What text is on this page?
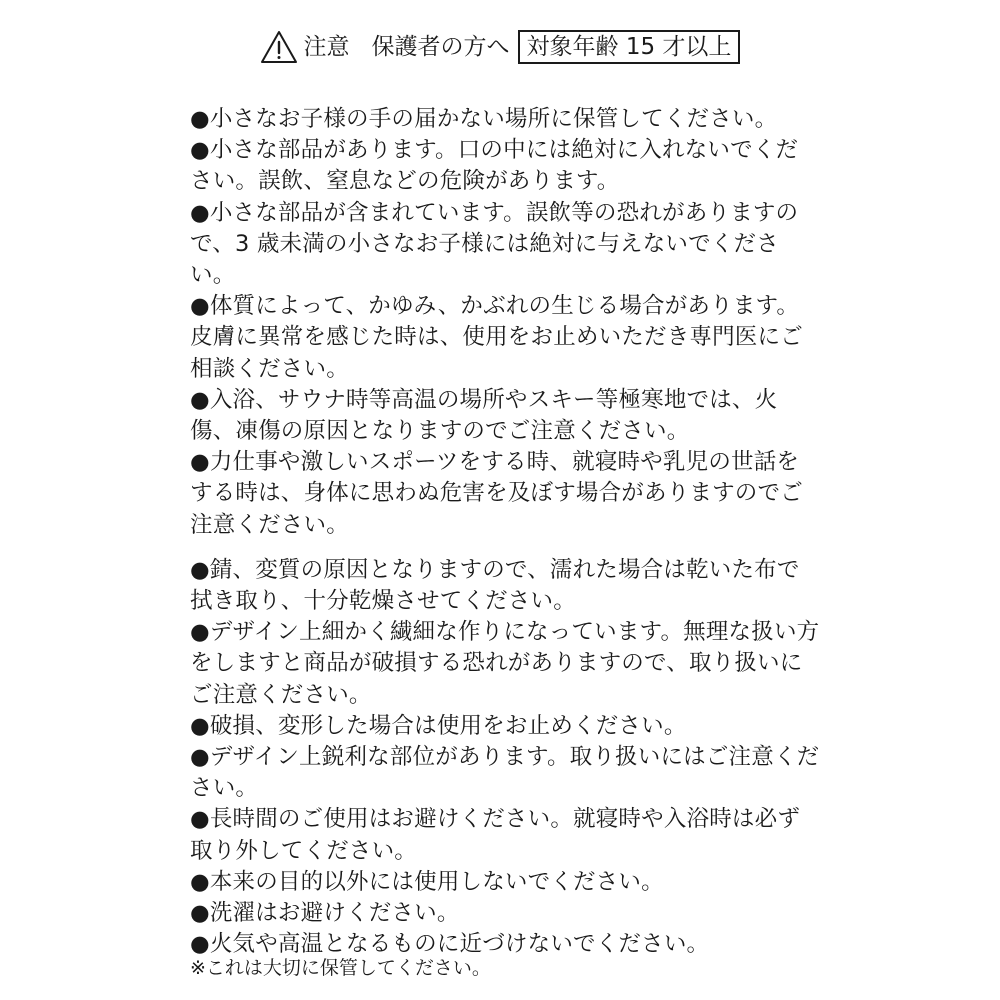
注意 保護者の方へ 対象年齢 15 才以上

●小さなお子様の手の届かない場所に保管してください。

●小さな部品があります。口の中には絶対に入れないでください。誤飲、窒息などの危険があります。

●小さな部品が含まれています。誤飲等の恐れがありますので、3 歳未満の小さなお子様には絶対に与えないでください。

●体質によって、かゆみ、かぶれの生じる場合があります。皮膚に異常を感じた時は、使用をお止めいただき専門医にご相談ください。

●入浴、サウナ時等高温の場所やスキー等極寒地では、火傷、凍傷の原因となりますのでご注意ください。

●力仕事や激しいスポーツをする時、就寝時や乳児の世話をする時は、身体に思わぬ危害を及ぼす場合がありますのでご注意ください。

●錆、変質の原因となりますので、濡れた場合は乾いた布で拭き取り、十分乾燥させてください。

●デザイン上細かく繊細な作りになっています。無理な扱い方をしますと商品が破損する恐れがありますので、取り扱いにご注意ください。

●破損、変形した場合は使用をお止めください。

●デザイン上鋭利な部位があります。取り扱いにはご注意ください。

●長時間のご使用はお避けください。就寝時や入浴時は必ず取り外してください。

●本来の目的以外には使用しないでください。

●洗濯はお避けください。

●火気や高温となるものに近づけないでください。

※これは大切に保管してください。
